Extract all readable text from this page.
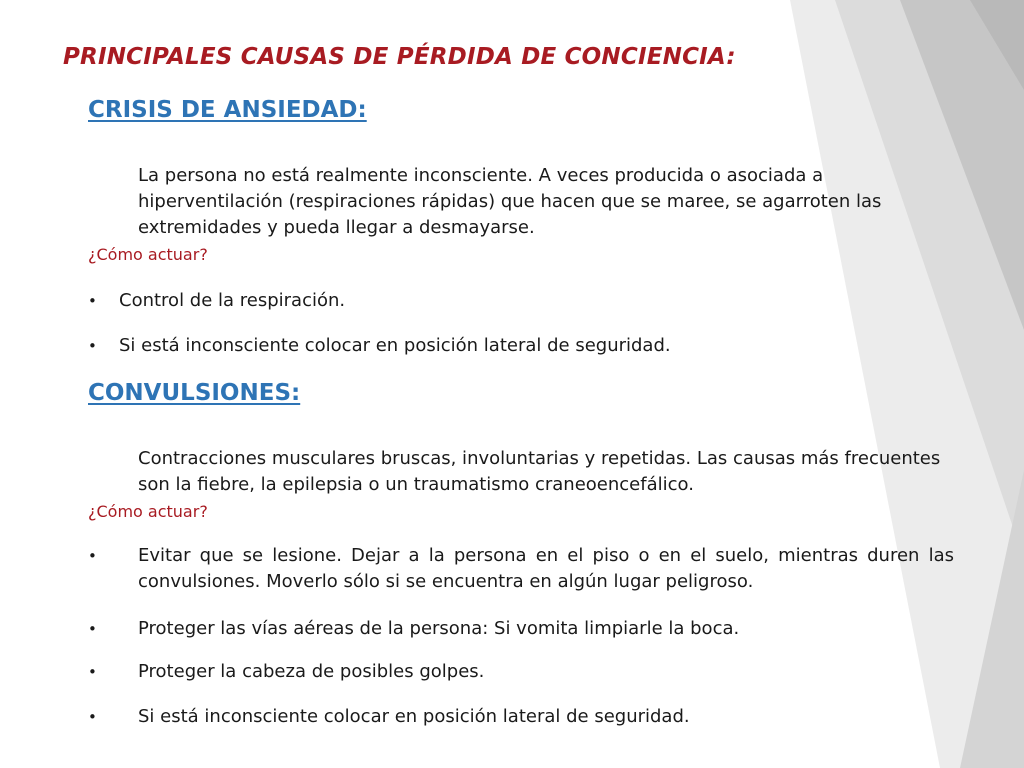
PRINCIPALES CAUSAS DE PÉRDIDA DE CONCIENCIA:
CRISIS DE ANSIEDAD:

La persona no está realmente inconsciente. A veces producida o asociada a hiperventilación (respiraciones rápidas) que hacen que se maree, se agarroten las extremidades y pueda llegar a desmayarse.

¿Cómo actuar?
•	Control de la respiración.
•	Si está inconsciente colocar en posición lateral de seguridad.
CONVULSIONES:

Contracciones musculares bruscas, involuntarias y repetidas. Las causas más frecuentes son la fiebre, la epilepsia o un traumatismo craneoencefálico.

¿Cómo actuar?
•	Evitar que se lesione. Dejar a la persona en el piso o en el suelo, mientras duren las convulsiones. Moverlo sólo si se encuentra en algún lugar peligroso.
•	Proteger las vías aéreas de la persona: Si vomita limpiarle la boca.
•	Proteger la cabeza de posibles golpes.
•	Si está inconsciente colocar en posición lateral de seguridad.
